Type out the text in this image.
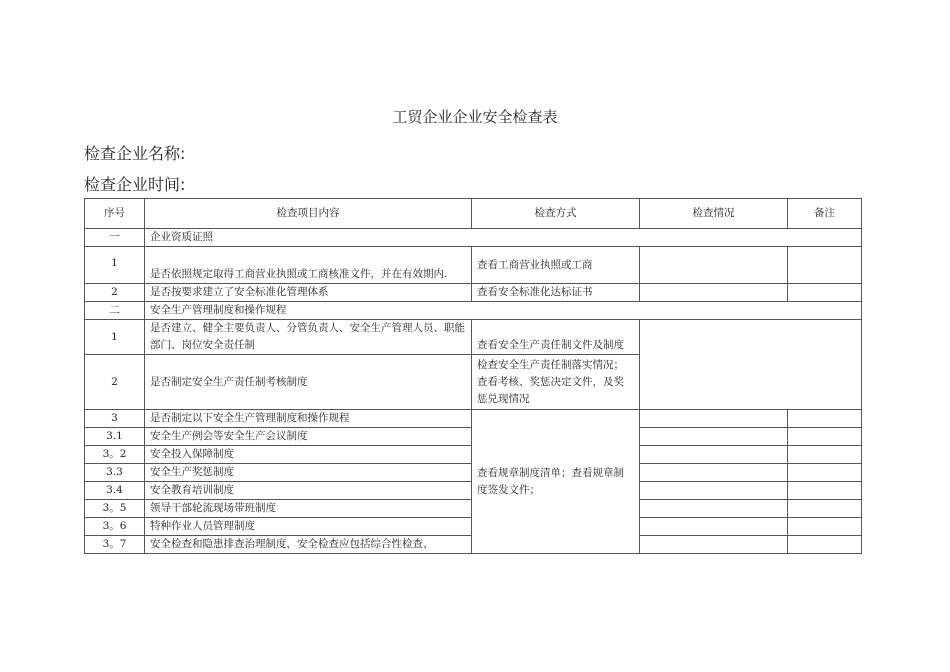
工贸企业企业安全检查表
检查企业名称:
检查企业时间:
序号	检查项目内容	检查方式	检查情况	备注
一	企业资质证照			
1	是否依照规定取得工商营业执照或工商核准文件，并在有效期内.	查看工商营业执照或工商		
2	是否按要求建立了安全标准化管理体系	查看安全标准化达标证书		
二	安全生产管理制度和操作规程			
1	是否建立、健全主要负责人、分管负责人、安全生产管理人员、职能部门、岗位安全责任制	查看安全生产责任制文件及制度		
2	是否制定安全生产责任制考核制度	检查安全生产责任制落实情况；查看考核、奖惩决定文件，及奖惩兑现情况		
3	是否制定以下安全生产管理制度和操作规程	查看规章制度清单；查看规章制度签发文件；		
3.1	安全生产例会等安全生产会议制度			
3。2	安全投入保障制度			
3.3	安全生产奖惩制度			
3.4	安全教育培训制度			
3。5	领导干部轮流现场带班制度			
3。6	特种作业人员管理制度			
3。7	安全检查和隐患排查治理制度，安全检查应包括综合性检查、			
